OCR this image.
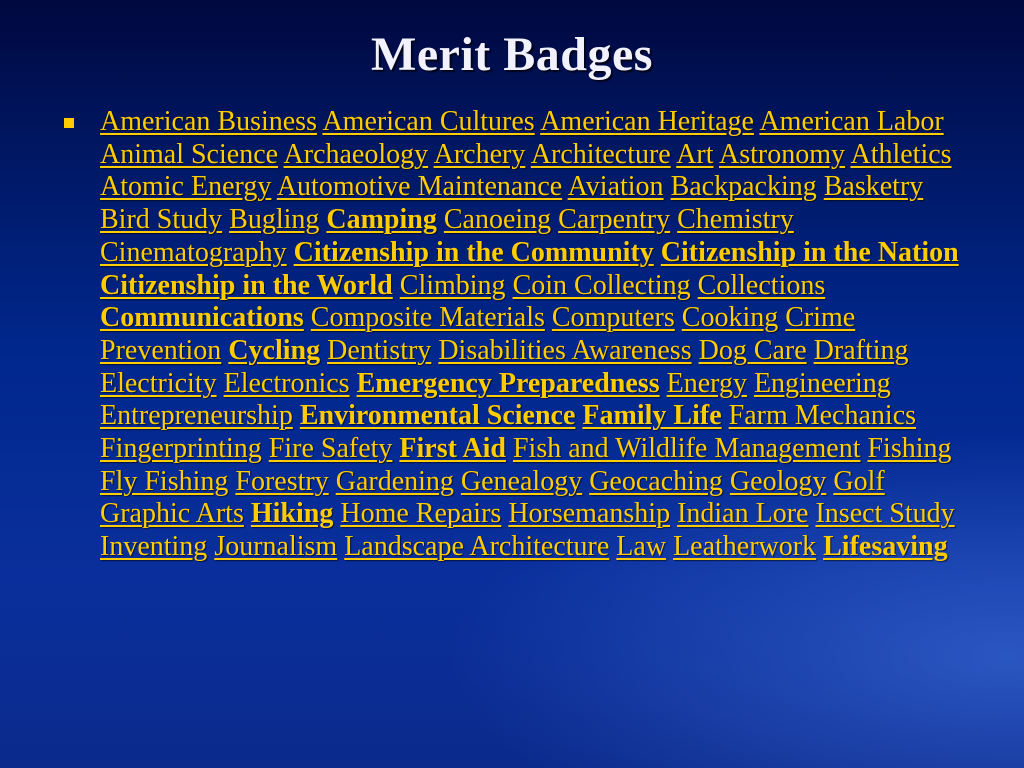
Merit Badges
American Business American Cultures American Heritage American Labor Animal Science Archaeology Archery Architecture Art Astronomy Athletics Atomic Energy Automotive Maintenance Aviation Backpacking Basketry Bird Study Bugling Camping Canoeing Carpentry Chemistry Cinematography Citizenship in the Community Citizenship in the Nation Citizenship in the World Climbing Coin Collecting Collections Communications Composite Materials Computers Cooking Crime Prevention Cycling Dentistry Disabilities Awareness Dog Care Drafting Electricity Electronics Emergency Preparedness Energy Engineering Entrepreneurship Environmental Science Family Life Farm Mechanics Fingerprinting Fire Safety First Aid Fish and Wildlife Management Fishing Fly Fishing Forestry Gardening Genealogy Geocaching Geology Golf Graphic Arts Hiking Home Repairs Horsemanship Indian Lore Insect Study Inventing Journalism Landscape Architecture Law Leatherwork Lifesaving
